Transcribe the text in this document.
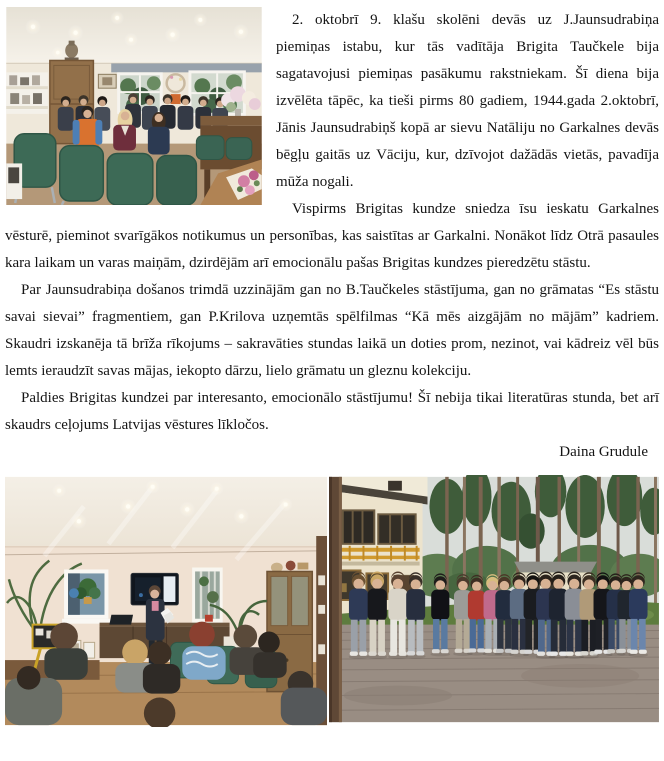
2. oktobrī 9. klašu skolēni devās uz J.Jaunsudrabiņa piemiņas istabu, kur tās vadītāja Brigita Taučkele bija sagatavojusi piemiņas pasākumu rakstniekam. Šī diena bija izvēlēta tāpēc, ka tieši pirms 80 gadiem, 1944.gada 2.oktobrī, Jānis Jaunsudrabiņš kopā ar sievu Natāliju no Garkalnes devās bēgļu gaitās uz Vāciju, kur, dzīvojot dažādās vietās, pavadīja mūža nogali.

Vispirms Brigitas kundze sniedza īsu ieskatu Garkalnes vēsturē, pieminot svarīgākos notikumus un personības, kas saistītas ar Garkalni. Nonākot līdz Otrā pasaules kara laikam un varas maiņām, dzirdējām arī emocionālu pašas Brigitas kundzes pieredzētu stāstu.

Par Jaunsudrabiņa došanos trimdā uzzinājām gan no B.Taučkeles stāstījuma, gan no grāmatas “Es stāstu savai sievai” fragmentiem, gan P.Krilova uzņemtās spēlfilmas “Kā mēs aizgājām no mājām” kadriem. Skaudri izskanēja tā brīža rīkojums – sakravāties stundas laikā un doties prom, nezinot, vai kādreiz vēl būs lemts ieraudzīt savas mājas, iekopto dārzu, lielo grāmatu un gleznu kolekciju.

Paldies Brigitas kundzei par interesanto, emocionālo stāstījumu! Šī nebija tikai literatūras stunda, bet arī skaudrs ceļojums Latvijas vēstures līkločos.

Daina Grudule
